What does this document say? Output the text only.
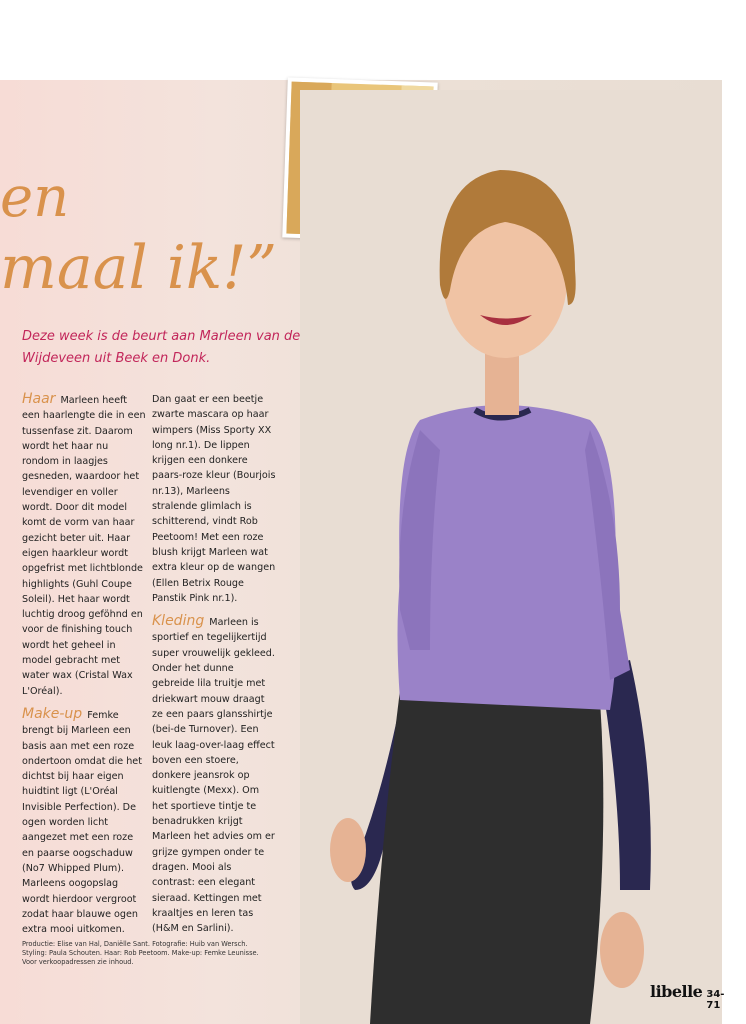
en
maal ik!”
Deze week is de beurt aan Marleen van de Wijdeveen uit Beek en Donk.

Haar Marleen heeft een haarlengte die in een tussenfase zit. Daarom wordt het haar nu rondom in laagjes gesneden, waardoor het levendiger en voller wordt. Door dit model komt de vorm van haar gezicht beter uit. Haar eigen haarkleur wordt opgefrist met lichtblonde highlights (Guhl Coupe Soleil). Het haar wordt luchtig droog geföhnd en voor de finishing touch wordt het geheel in model gebracht met water wax (Cristal Wax L'Oréal).

Make-up Femke brengt bij Marleen een basis aan met een roze ondertoon omdat die het dichtst bij haar eigen huidtint ligt (L'Oréal Invisible Perfection). De ogen worden licht aangezet met een roze en paarse oogschaduw (No7 Whipped Plum). Marleens oogopslag wordt hierdoor vergroot zodat haar blauwe ogen extra mooi uitkomen.

Dan gaat er een beetje zwarte mascara op haar wimpers (Miss Sporty XX long nr.1). De lippen krijgen een donkere paars-roze kleur (Bourjois nr.13), Marleens stralende glimlach is schitterend, vindt Rob Peetoom! Met een roze blush krijgt Marleen wat extra kleur op de wangen (Ellen Betrix Rouge Panstik Pink nr.1).

Kleding Marleen is sportief en tegelijkertijd super vrouwelijk gekleed. Onder het dunne gebreide lila truitje met driekwart mouw draagt ze een paars glansshirtje (bei-de Turnover). Een leuk laag-over-laag effect boven een stoere, donkere jeansrok op kuitlengte (Mexx). Om het sportieve tintje te benadrukken krijgt Marleen het advies om er grijze gympen onder te dragen. Mooi als contrast: een elegant sieraad. Kettingen met kraaltjes en leren tas (H&M en Sarlini).

Productie: Elise van Hal, Daniëlle Sant. Fotografie: Huib van Wersch.
Styling: Paula Schouten. Haar: Rob Peetoom. Make-up: Femke Leunisse.
Voor verkoopadressen zie inhoud.
libelle 34-71
